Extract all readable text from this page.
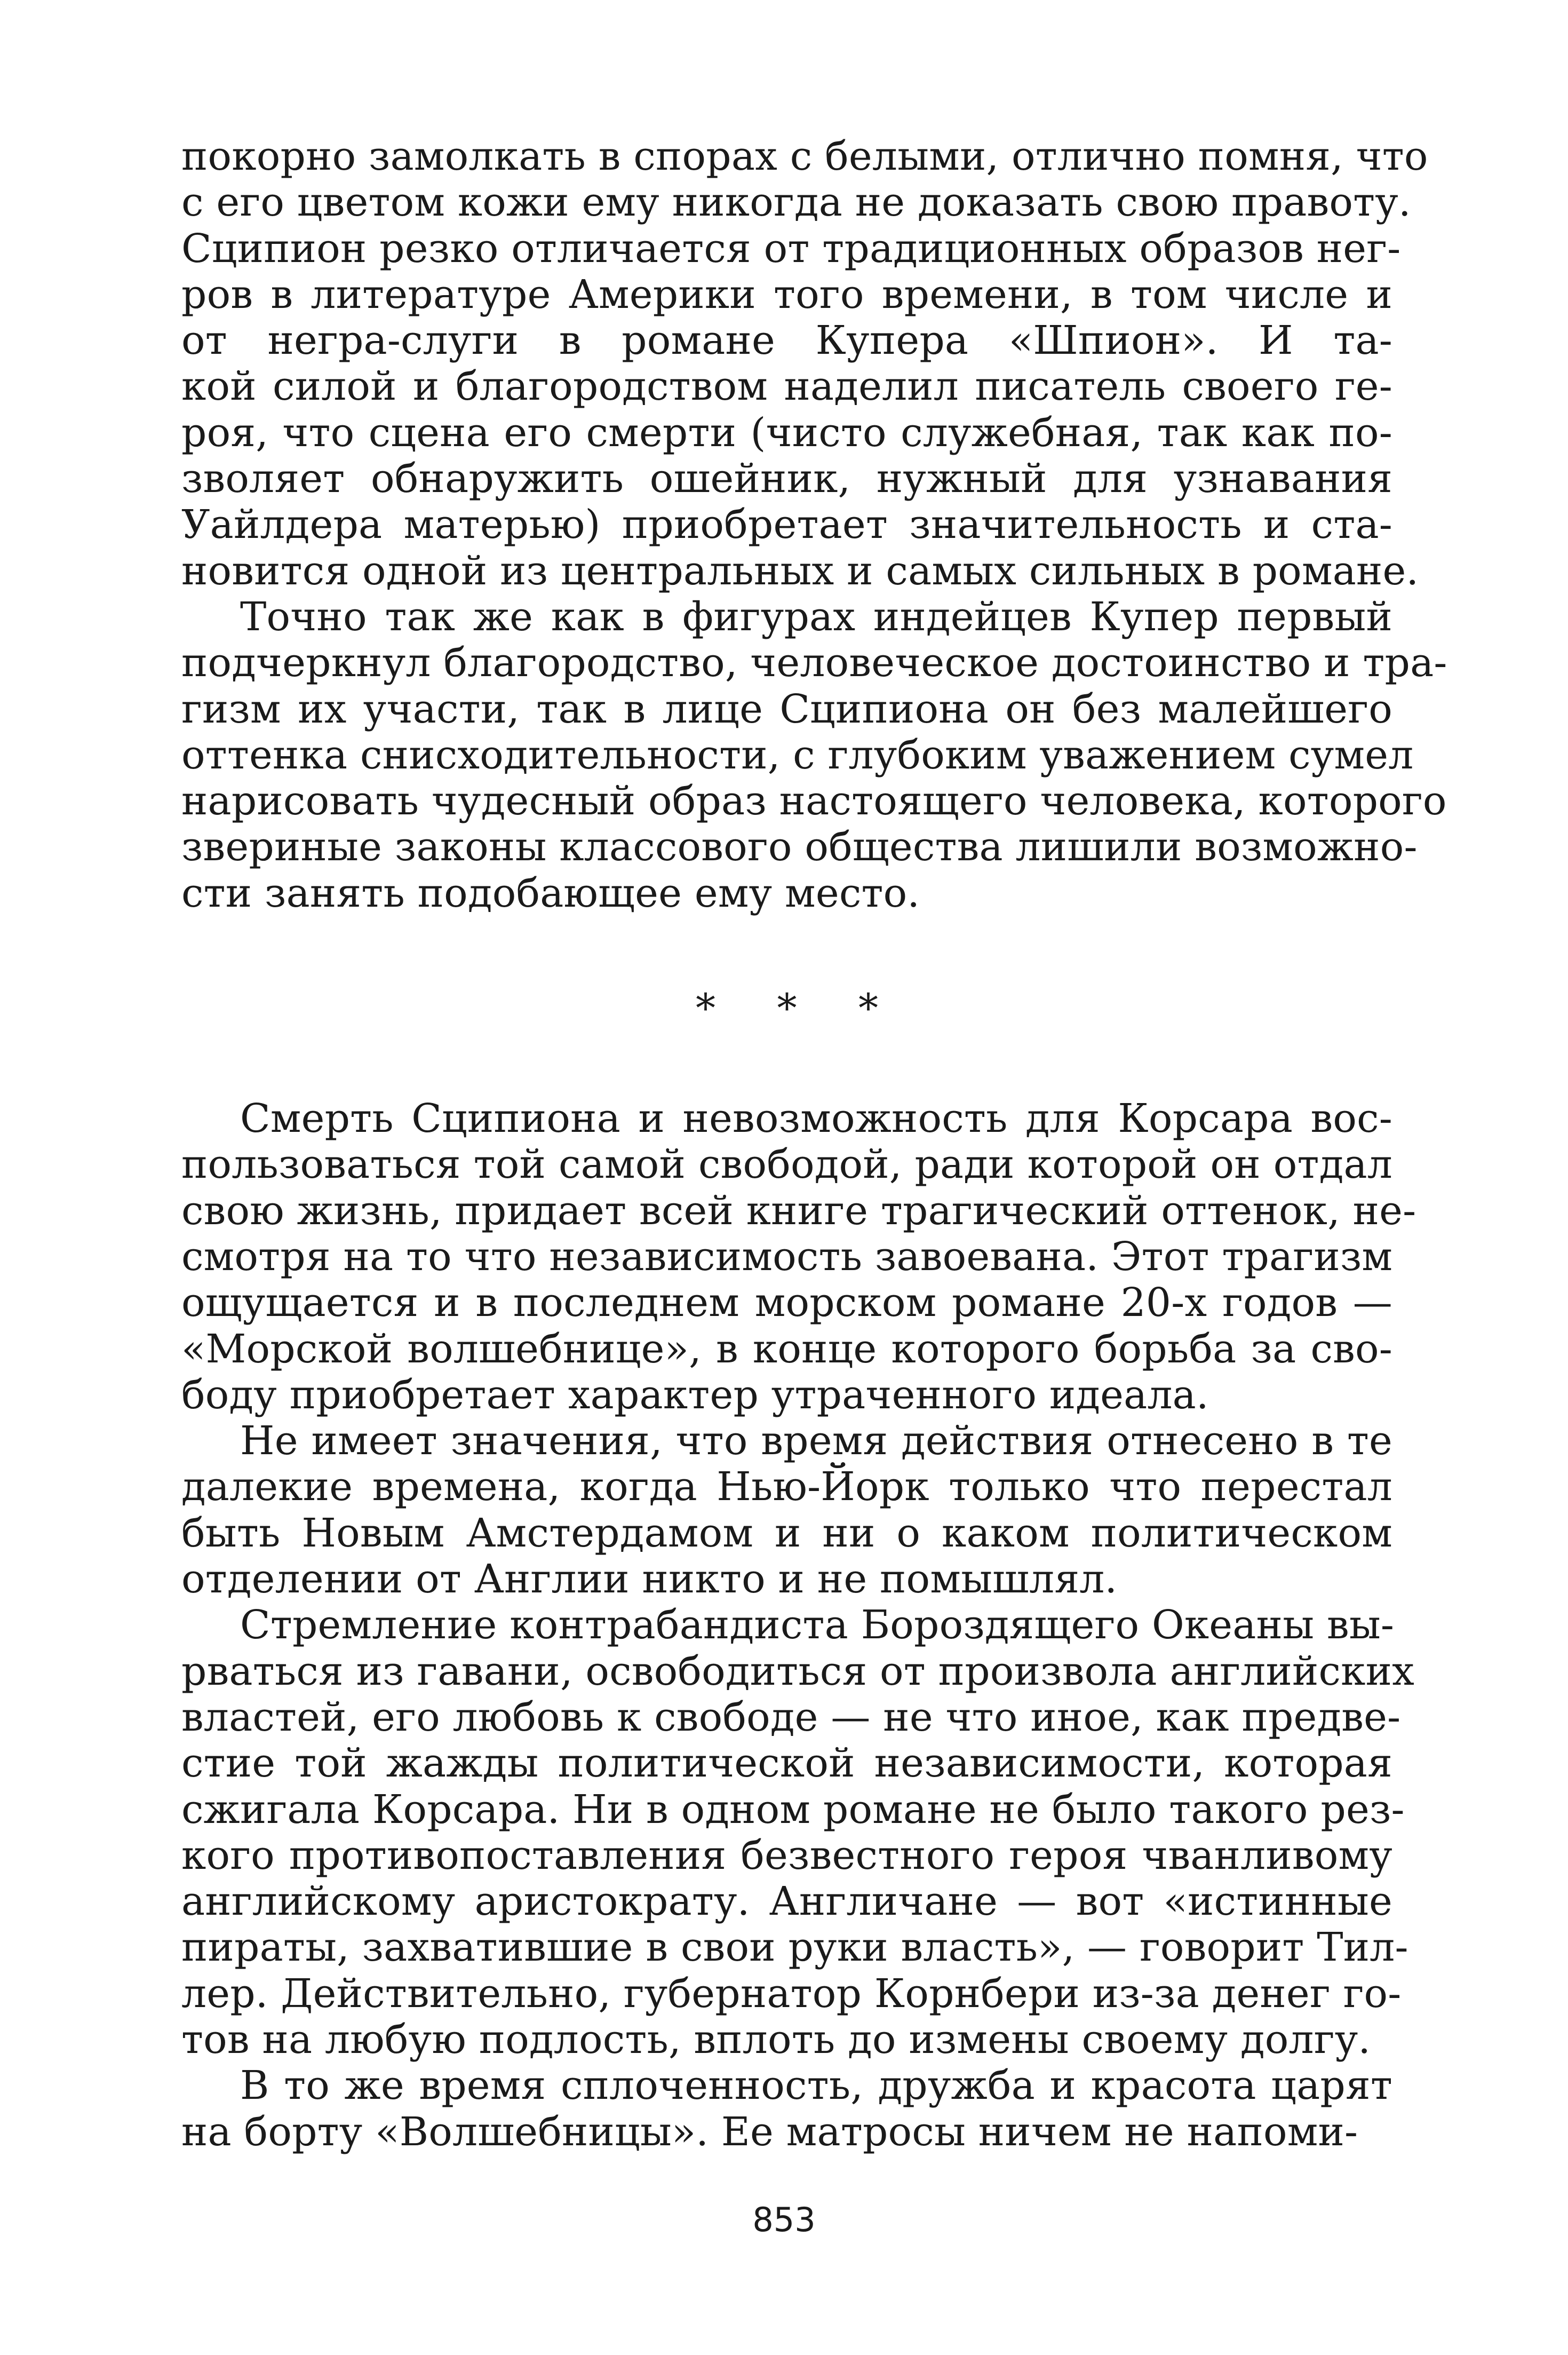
покорно замолкать в спорах с белыми, отлично помня, что
с его цветом кожи ему никогда не доказать свою правоту.
Сципион резко отличается от традиционных образов нег-
ров в литературе Америки того времени, в том числе и
от негра-слуги в романе Купера «Шпион». И та-
кой силой и благородством наделил писатель своего ге-
роя, что сцена его смерти (чисто служебная, так как по-
зволяет обнаружить ошейник, нужный для узнавания
Уайлдера матерью) приобретает значительность и ста-
новится одной из центральных и самых сильных в романе.

Точно так же как в фигурах индейцев Купер первый
подчеркнул благородство, человеческое достоинство и тра-
гизм их участи, так в лице Сципиона он без малейшего
оттенка снисходительности, с глубоким уважением сумел
нарисовать чудесный образ настоящего человека, которого
звериные законы классового общества лишили возможно-
сти занять подобающее ему место.

* * *

Смерть Сципиона и невозможность для Корсара вос-
пользоваться той самой свободой, ради которой он отдал
свою жизнь, придает всей книге трагический оттенок, не-
смотря на то что независимость завоевана. Этот трагизм
ощущается и в последнем морском романе 20-х годов —
«Морской волшебнице», в конце которого борьба за сво-
боду приобретает характер утраченного идеала.

Не имеет значения, что время действия отнесено в те
далекие времена, когда Нью-Йорк только что перестал
быть Новым Амстердамом и ни о каком политическом
отделении от Англии никто и не помышлял.

Стремление контрабандиста Бороздящего Океаны вы-
рваться из гавани, освободиться от произвола английских
властей, его любовь к свободе — не что иное, как предве-
стие той жажды политической независимости, которая
сжигала Корсара. Ни в одном романе не было такого рез-
кого противопоставления безвестного героя чванливому
английскому аристократу. Англичане — вот «истинные
пираты, захватившие в свои руки власть», — говорит Тил-
лер. Действительно, губернатор Корнбери из-за денег го-
тов на любую подлость, вплоть до измены своему долгу.

В то же время сплоченность, дружба и красота царят
на борту «Волшебницы». Ее матросы ничем не напоми-

853
